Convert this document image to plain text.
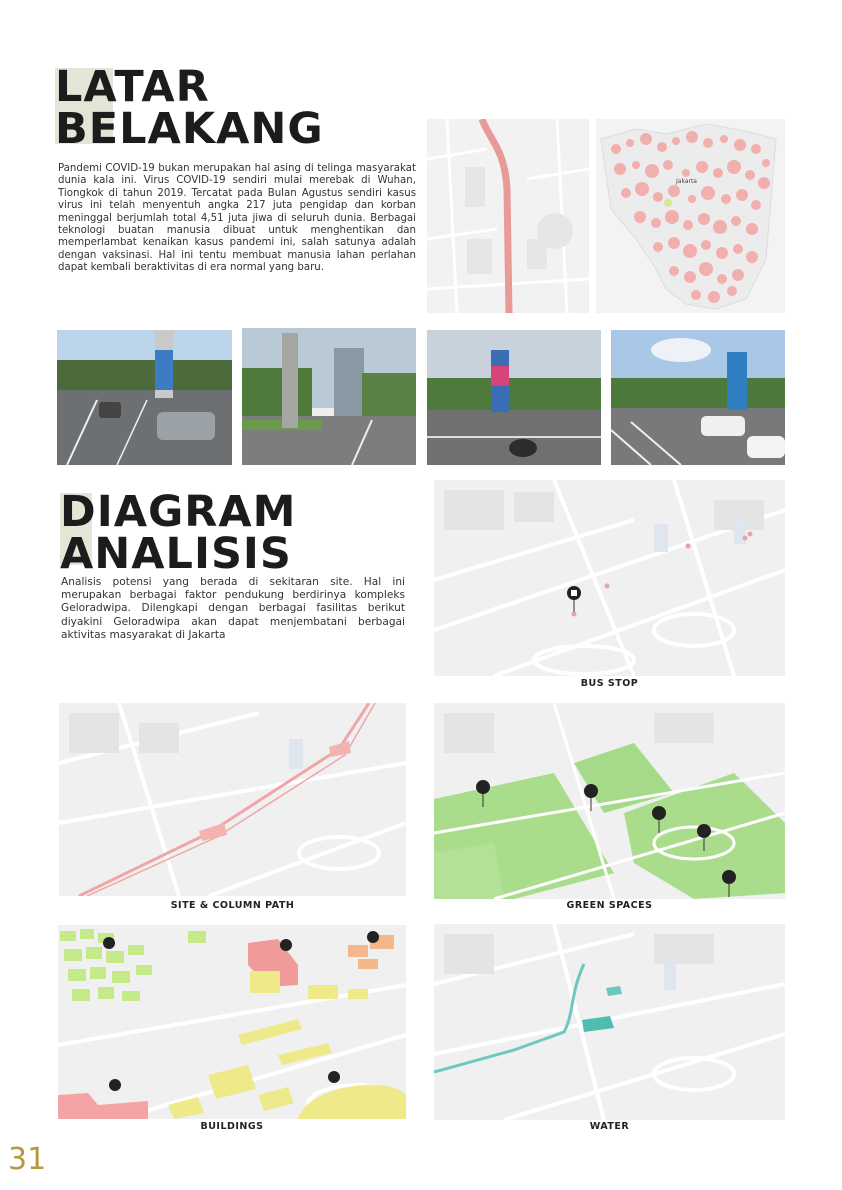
LATAR
BELAKANG

Pandemi COVID-19 bukan merupakan hal asing di telinga masyarakat dunia kala ini. Virus COVID-19 sendiri mulai merebak di Wuhan, Tiongkok di tahun 2019. Tercatat pada Bulan Agustus sendiri kasus virus ini telah menyentuh angka 217 juta pengidap dan korban meninggal berjumlah total 4,51 juta jiwa di seluruh dunia. Berbagai teknologi buatan manusia dibuat untuk menghentikan dan memperlambat kenaikan kasus pandemi ini, salah satunya adalah dengan vaksinasi. Hal ini tentu membuat manusia lahan perlahan dapat kembali beraktivitas di era normal yang baru.

Jakarta
DIAGRAM
ANALISIS

Analisis potensi yang berada di sekitaran site. Hal ini merupakan berbagai faktor pendukung berdirinya kompleks Geloradwipa. Dilengkapi dengan berbagai fasilitas berikut diyakini Geloradwipa akan dapat menjembatani berbagai aktivitas masyarakat di Jakarta

BUS STOP
SITE & COLUMN PATH	GREEN SPACES
BUILDINGS	WATER
31
